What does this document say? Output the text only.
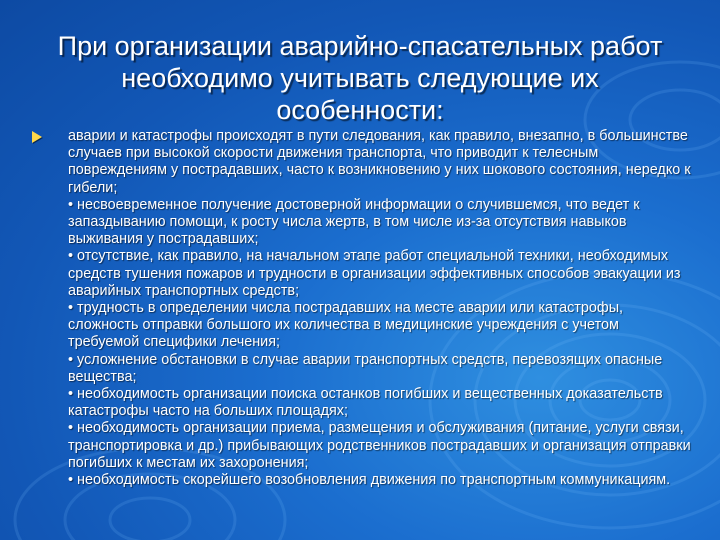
При организации аварийно-спасательных работ
необходимо учитывать следующие их
особенности:
аварии и катастрофы происходят в пути следования, как правило, внезапно, в большинстве случаев при высокой скорости движения транспорта, что приводит к телесным повреждениям у пострадавших, часто к возникновению у них шокового состояния, нередко к гибели;
• несвоевременное получение достоверной информации о случившемся, что ведет к запаздыванию помощи, к росту числа жертв, в том числе из-за отсутствия навыков выживания у пострадавших;
• отсутствие, как правило, на начальном этапе работ специальной техники, необходимых средств тушения пожаров и трудности в организации эффективных способов эвакуации из аварийных транспортных средств;
• трудность в определении числа пострадавших на месте аварии или катастрофы, сложность отправки большого их количества в медицинские учреждения с учетом требуемой специфики лечения;
• усложнение обстановки в случае аварии транспортных средств, перевозящих опасные вещества;
• необходимость организации поиска останков погибших и вещественных доказательств катастрофы часто на больших площадях;
• необходимость организации приема, размещения и обслуживания (питание, услуги связи, транспортировка и др.) прибывающих родственников пострадавших и организация отправки погибших к местам их захоронения;
• необходимость скорейшего возобновления движения по транспортным коммуникациям.
